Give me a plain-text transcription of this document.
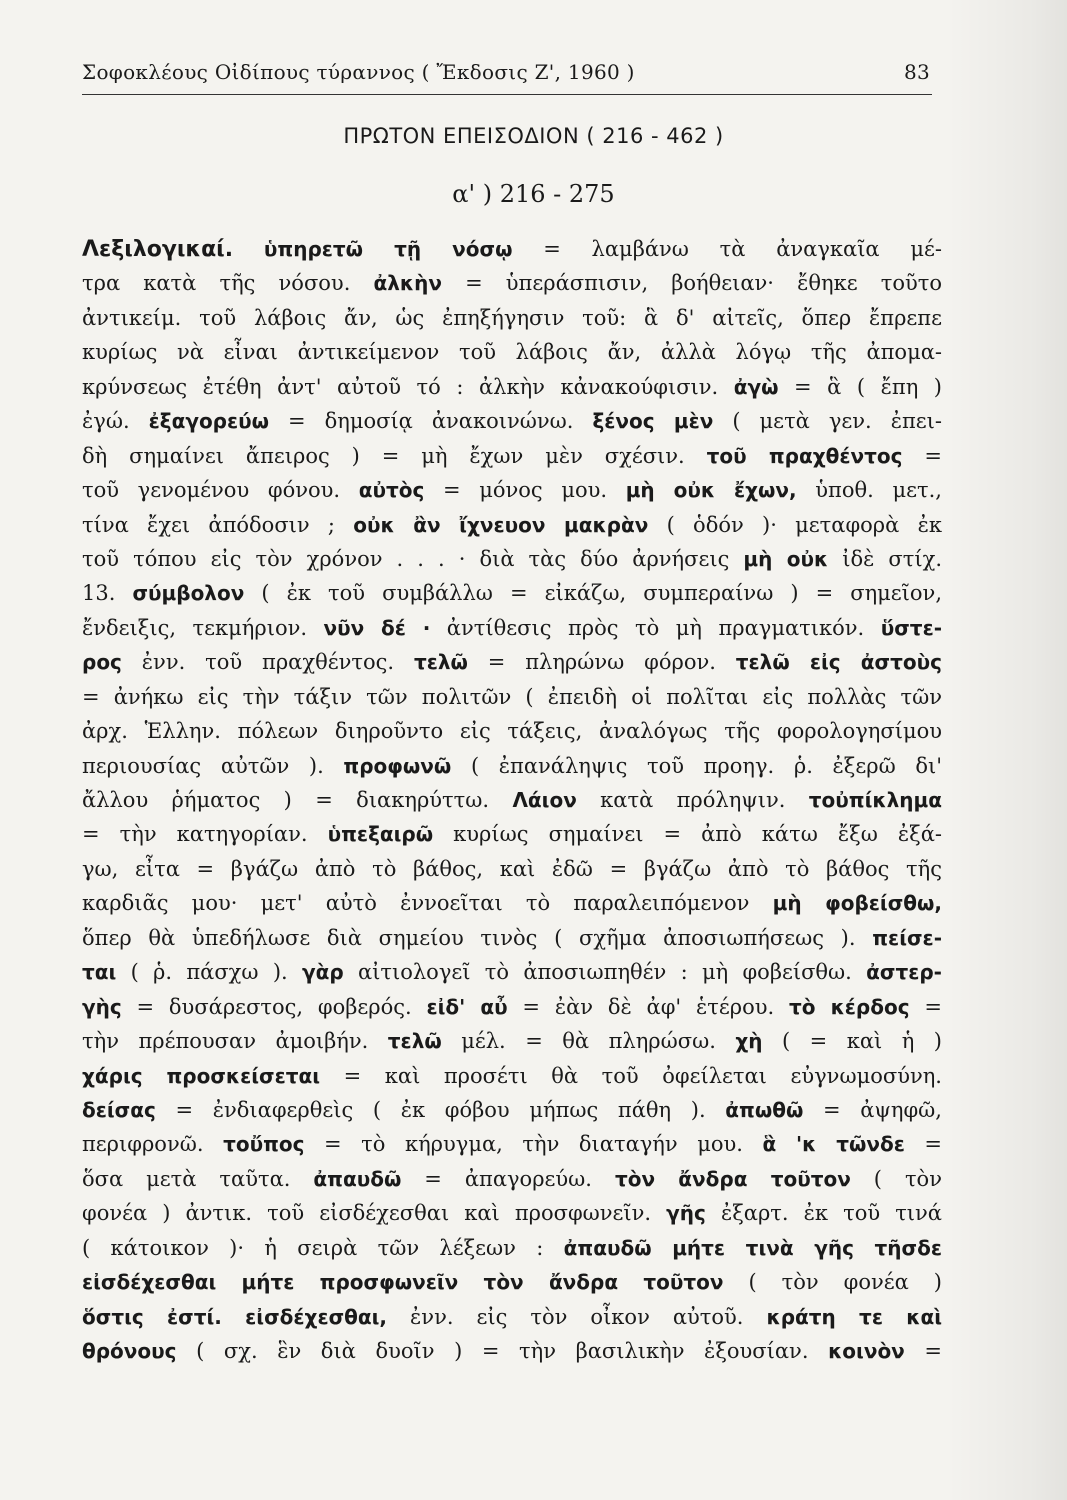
Σοφοκλέους Οἰδίπους τύραννος ( Ἔκδοσις Ζ', 1960 )	83
ΠΡΩΤΟΝ ΕΠΕΙΣΟΔΙΟΝ ( 216 - 462 )
α' ) 216 - 275
Λεξιλογικαί. ὑπηρετῶ τῇ νόσῳ = λαμβάνω τὰ ἀναγκαῖα μέ-
τρα κατὰ τῆς νόσου. ἀλκὴν = ὑπεράσπισιν, βοήθειαν· ἔθηκε τοῦτο
ἀντικείμ. τοῦ λάβοις ἄν, ὡς ἐπηξήγησιν τοῦ: ἃ δ' αἰτεῖς, ὅπερ ἔπρεπε
κυρίως νὰ εἶναι ἀντικείμενον τοῦ λάβοις ἄν, ἀλλὰ λόγῳ τῆς ἀπομα-
κρύνσεως ἐτέθη ἀντ' αὐτοῦ τό : ἀλκὴν κἀνακούφισιν. ἀγὼ = ἃ ( ἔπη )
ἐγώ. ἐξαγορεύω = δημοσίᾳ ἀνακοινώνω. ξένος μὲν ( μετὰ γεν. ἐπει-
δὴ σημαίνει ἄπειρος ) = μὴ ἔχων μὲν σχέσιν. τοῦ πραχθέντος =
τοῦ γενομένου φόνου. αὐτὸς = μόνος μου. μὴ οὐκ ἔχων, ὑποθ. μετ.,
τίνα ἔχει ἀπόδοσιν ; οὐκ ἂν ἴχνευον μακρὰν ( ὁδόν )· μεταφορὰ ἐκ
τοῦ τόπου εἰς τὸν χρόνον . . . · διὰ τὰς δύο ἀρνήσεις μὴ οὐκ ἰδὲ στίχ.
13. σύμβολον ( ἐκ τοῦ συμβάλλω = εἰκάζω, συμπεραίνω ) = σημεῖον,
ἔνδειξις, τεκμήριον. νῦν δέ · ἀντίθεσις πρὸς τὸ μὴ πραγματικόν. ὕστε-
ρος ἐνν. τοῦ πραχθέντος. τελῶ = πληρώνω φόρον. τελῶ εἰς ἀστοὺς
= ἀνήκω εἰς τὴν τάξιν τῶν πολιτῶν ( ἐπειδὴ οἱ πολῖται εἰς πολλὰς τῶν
ἀρχ. Ἑλλην. πόλεων διηροῦντο εἰς τάξεις, ἀναλόγως τῆς φορολογησίμου
περιουσίας αὐτῶν ). προφωνῶ ( ἐπανάληψις τοῦ προηγ. ῥ. ἐξερῶ δι'
ἄλλου ῥήματος ) = διακηρύττω. Λάιον κατὰ πρόληψιν. τοὐπίκλημα
= τὴν κατηγορίαν. ὑπεξαιρῶ κυρίως σημαίνει = ἀπὸ κάτω ἔξω ἐξά-
γω, εἶτα = βγάζω ἀπὸ τὸ βάθος, καὶ ἐδῶ = βγάζω ἀπὸ τὸ βάθος τῆς
καρδιᾶς μου· μετ' αὐτὸ ἐννοεῖται τὸ παραλειπόμενον μὴ φοβείσθω,
ὅπερ θὰ ὑπεδήλωσε διὰ σημείου τινὸς ( σχῆμα ἀποσιωπήσεως ). πείσε-
ται ( ῥ. πάσχω ). γὰρ αἰτιολογεῖ τὸ ἀποσιωπηθέν : μὴ φοβείσθω. ἀστερ-
γὴς = δυσάρεστος, φοβερός. εἰδ' αὖ = ἐὰν δὲ ἀφ' ἑτέρου. τὸ κέρδος =
τὴν πρέπουσαν ἀμοιβήν. τελῶ μέλ. = θὰ πληρώσω. χὴ ( = καὶ ἡ )
χάρις προσκείσεται = καὶ προσέτι θὰ τοῦ ὀφείλεται εὐγνωμοσύνη.
δείσας = ἐνδιαφερθεὶς ( ἐκ φόβου μήπως πάθη ). ἀπωθῶ = ἀψηφῶ,
περιφρονῶ. τοὔπος = τὸ κήρυγμα, τὴν διαταγήν μου. ἃ 'κ τῶνδε =
ὅσα μετὰ ταῦτα. ἀπαυδῶ = ἀπαγορεύω. τὸν ἄνδρα τοῦτον ( τὸν
φονέα ) ἀντικ. τοῦ εἰσδέχεσθαι καὶ προσφωνεῖν. γῆς ἐξαρτ. ἐκ τοῦ τινά
( κάτοικον )· ἡ σειρὰ τῶν λέξεων : ἀπαυδῶ μήτε τινὰ γῆς τῆσδε
εἰσδέχεσθαι μήτε προσφωνεῖν τὸν ἄνδρα τοῦτον ( τὸν φονέα )
ὅστις ἐστί. εἰσδέχεσθαι, ἐνν. εἰς τὸν οἶκον αὐτοῦ. κράτη τε καὶ
θρόνους ( σχ. ἓν διὰ δυοῖν ) = τὴν βασιλικὴν ἐξουσίαν. κοινὸν =
